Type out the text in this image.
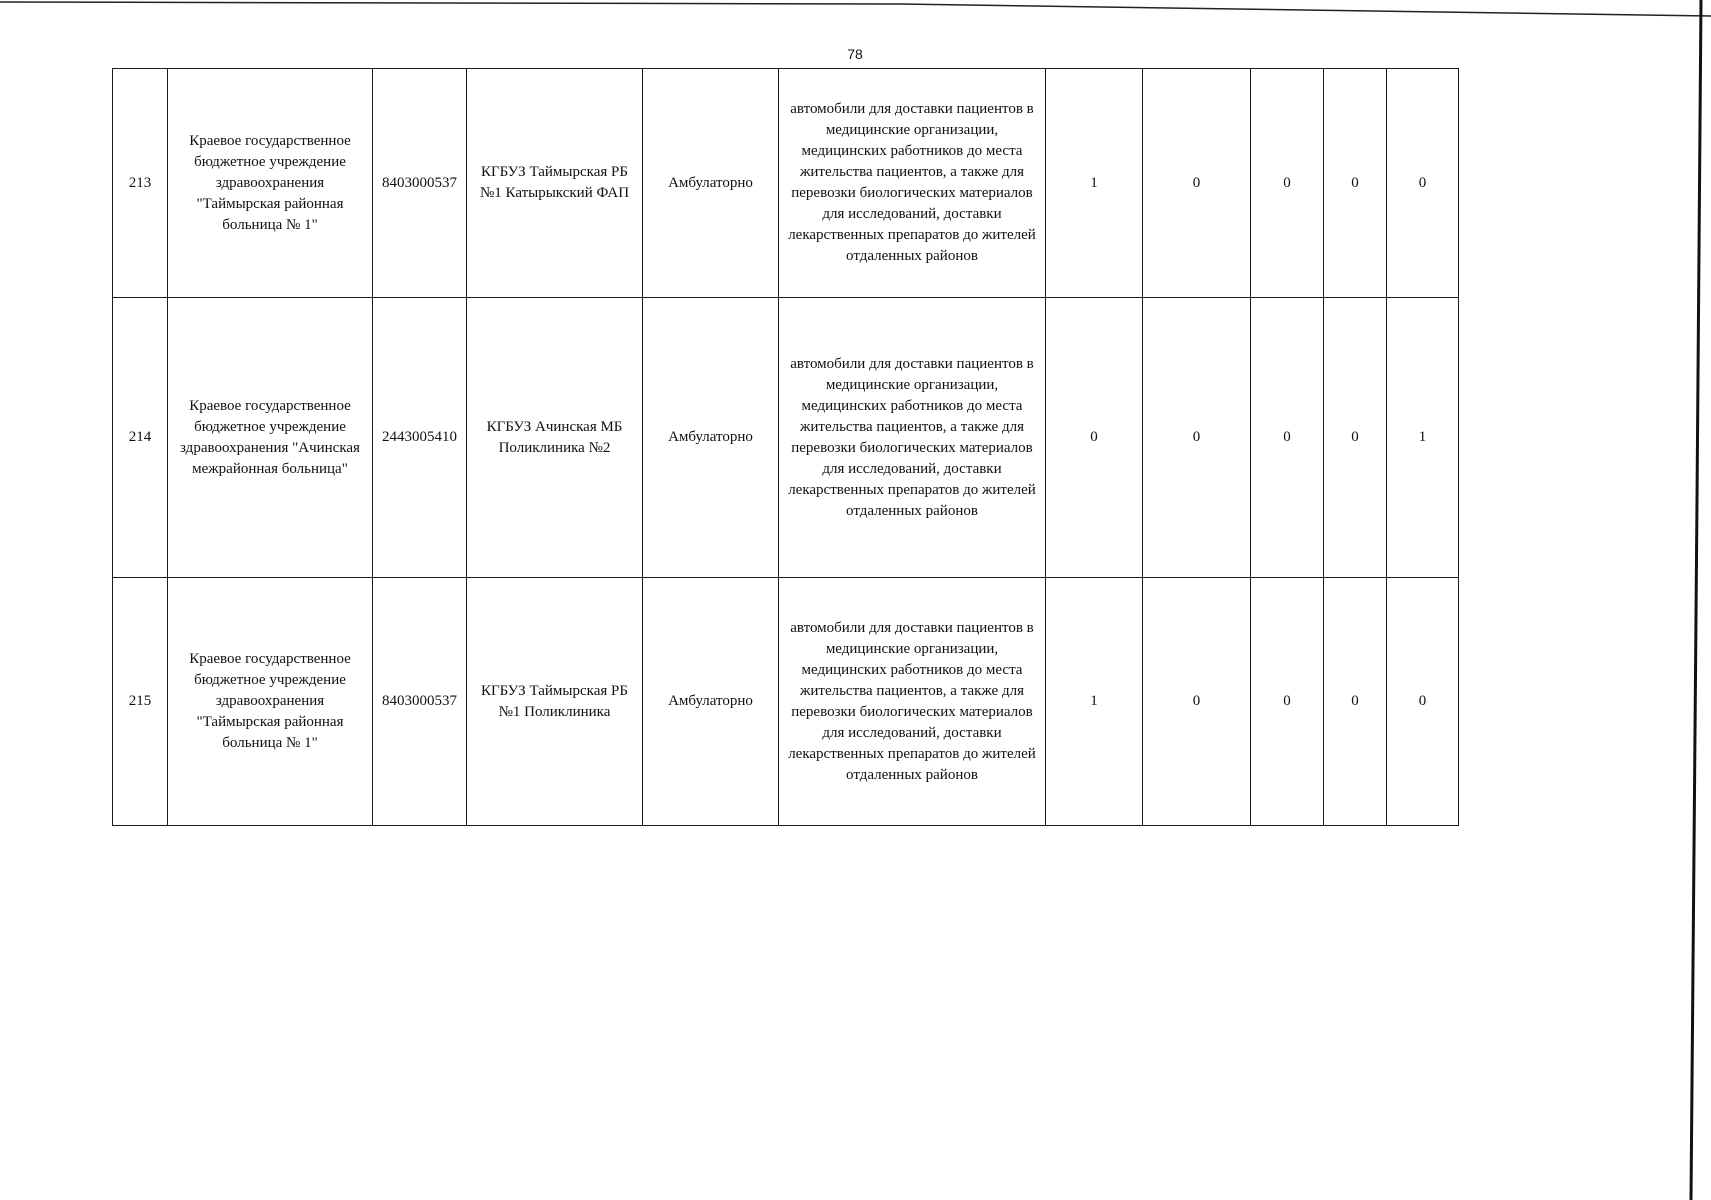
78
213	Краевое государственное бюджетное учреждение здравоохранения "Таймырская районная больница № 1"	8403000537	КГБУЗ Таймырская РБ №1 Катырыкский ФАП	Амбулаторно	автомобили для доставки пациентов в медицинские организации, медицинских работников до места жительства пациентов, а также для перевозки биологических материалов для исследований, доставки лекарственных препаратов до жителей отдаленных районов	1	0	0	0	0
214	Краевое государственное бюджетное учреждение здравоохранения "Ачинская межрайонная больница"	2443005410	КГБУЗ Ачинская МБ Поликлиника №2	Амбулаторно	автомобили для доставки пациентов в медицинские организации, медицинских работников до места жительства пациентов, а также для перевозки биологических материалов для исследований, доставки лекарственных препаратов до жителей отдаленных районов	0	0	0	0	1
215	Краевое государственное бюджетное учреждение здравоохранения "Таймырская районная больница № 1"	8403000537	КГБУЗ Таймырская РБ №1 Поликлиника	Амбулаторно	автомобили для доставки пациентов в медицинские организации, медицинских работников до места жительства пациентов, а также для перевозки биологических материалов для исследований, доставки лекарственных препаратов до жителей отдаленных районов	1	0	0	0	0
